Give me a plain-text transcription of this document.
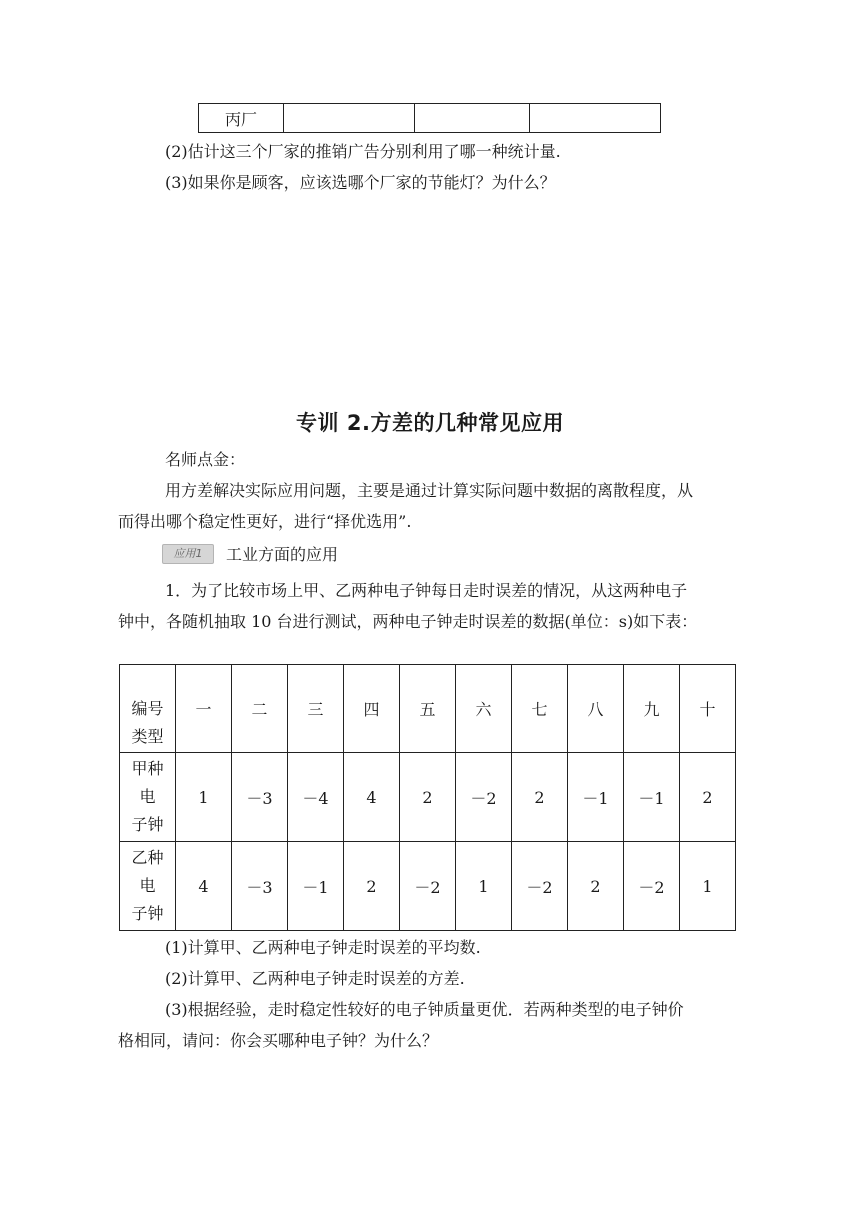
丙厂			
(2)估计这三个厂家的推销广告分别利用了哪一种统计量.
(3)如果你是顾客，应该选哪个厂家的节能灯？为什么？
专训 2.方差的几种常见应用
名师点金：
用方差解决实际应用问题，主要是通过计算实际问题中数据的离散程度，从
而得出哪个稳定性更好，进行“择优选用”.
应用1	工业方面的应用
1．为了比较市场上甲、乙两种电子钟每日走时误差的情况，从这两种电子
钟中，各随机抽取 10 台进行测试，两种电子钟走时误差的数据(单位：s)如下表：
编号
类型	一	二	三	四	五	六	七	八	九	十

甲种
电
子钟	1	－3	－4	4	2	－2	2	－1	－1	2

乙种
电
子钟	4	－3	－1	2	－2	1	－2	2	－2	1
(1)计算甲、乙两种电子钟走时误差的平均数.
(2)计算甲、乙两种电子钟走时误差的方差.
(3)根据经验，走时稳定性较好的电子钟质量更优．若两种类型的电子钟价
格相同，请问：你会买哪种电子钟？为什么？
